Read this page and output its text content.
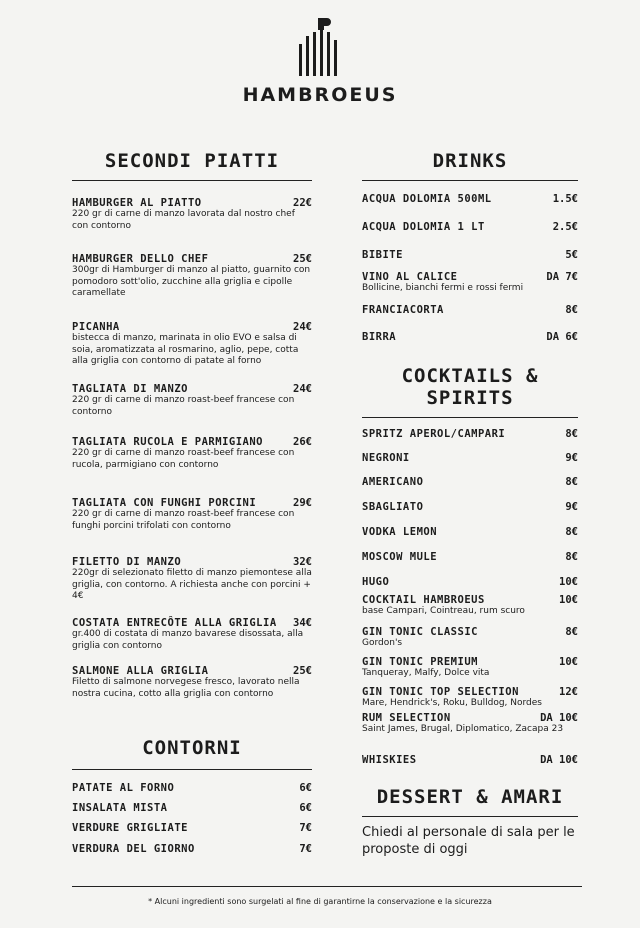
HAMBROEUS
SECONDI PIATTI
HAMBURGER AL PIATTO	22€
220 gr di carne di manzo lavorata dal nostro chef con contorno
HAMBURGER DELLO CHEF	25€
300gr di Hamburger di manzo al piatto, guarnito con pomodoro sott'olio, zucchine alla griglia e cipolle caramellate
PICANHA	24€
bistecca di manzo, marinata in olio EVO e salsa di soia, aromatizzata al rosmarino, aglio, pepe, cotta alla griglia con contorno di patate al forno
TAGLIATA DI MANZO	24€
220 gr di carne di manzo roast-beef francese con contorno
TAGLIATA RUCOLA E PARMIGIANO	26€
220 gr di carne di manzo roast-beef francese con rucola, parmigiano con contorno
TAGLIATA CON FUNGHI PORCINI	29€
220 gr di carne di manzo roast-beef francese con funghi porcini trifolati con contorno
FILETTO DI MANZO	32€
220gr di selezionato filetto di manzo piemontese alla griglia, con contorno. A richiesta anche con porcini + 4€
COSTATA ENTRECÔTE ALLA GRIGLIA	34€
gr.400 di costata di manzo bavarese disossata, alla griglia con contorno
SALMONE ALLA GRIGLIA	25€
Filetto di salmone norvegese fresco, lavorato nella nostra cucina, cotto alla griglia con contorno
CONTORNI
PATATE AL FORNO	6€
INSALATA MISTA	6€
VERDURE GRIGLIATE	7€
VERDURA DEL GIORNO	7€
DRINKS
ACQUA DOLOMIA 500ML	1.5€
ACQUA DOLOMIA 1 LT	2.5€
BIBITE	5€
VINO AL CALICE	DA 7€
Bollicine, bianchi fermi e rossi fermi
FRANCIACORTA	8€
BIRRA	DA 6€
COCKTAILS & SPIRITS
SPRITZ APEROL/CAMPARI	8€
NEGRONI	9€
AMERICANO	8€
SBAGLIATO	9€
VODKA LEMON	8€
MOSCOW MULE	8€
HUGO	10€
COCKTAIL HAMBROEUS	10€
base Campari, Cointreau, rum scuro
GIN TONIC CLASSIC	8€
Gordon's
GIN TONIC PREMIUM	10€
Tanqueray, Malfy, Dolce vita
GIN TONIC TOP SELECTION	12€
Mare, Hendrick's, Roku, Bulldog, Nordes
RUM SELECTION	DA 10€
Saint James, Brugal, Diplomatico, Zacapa 23
WHISKIES	DA 10€
DESSERT & AMARI
Chiedi al personale di sala per le proposte di oggi
* Alcuni ingredienti sono surgelati al fine di garantirne la conservazione e la sicurezza
